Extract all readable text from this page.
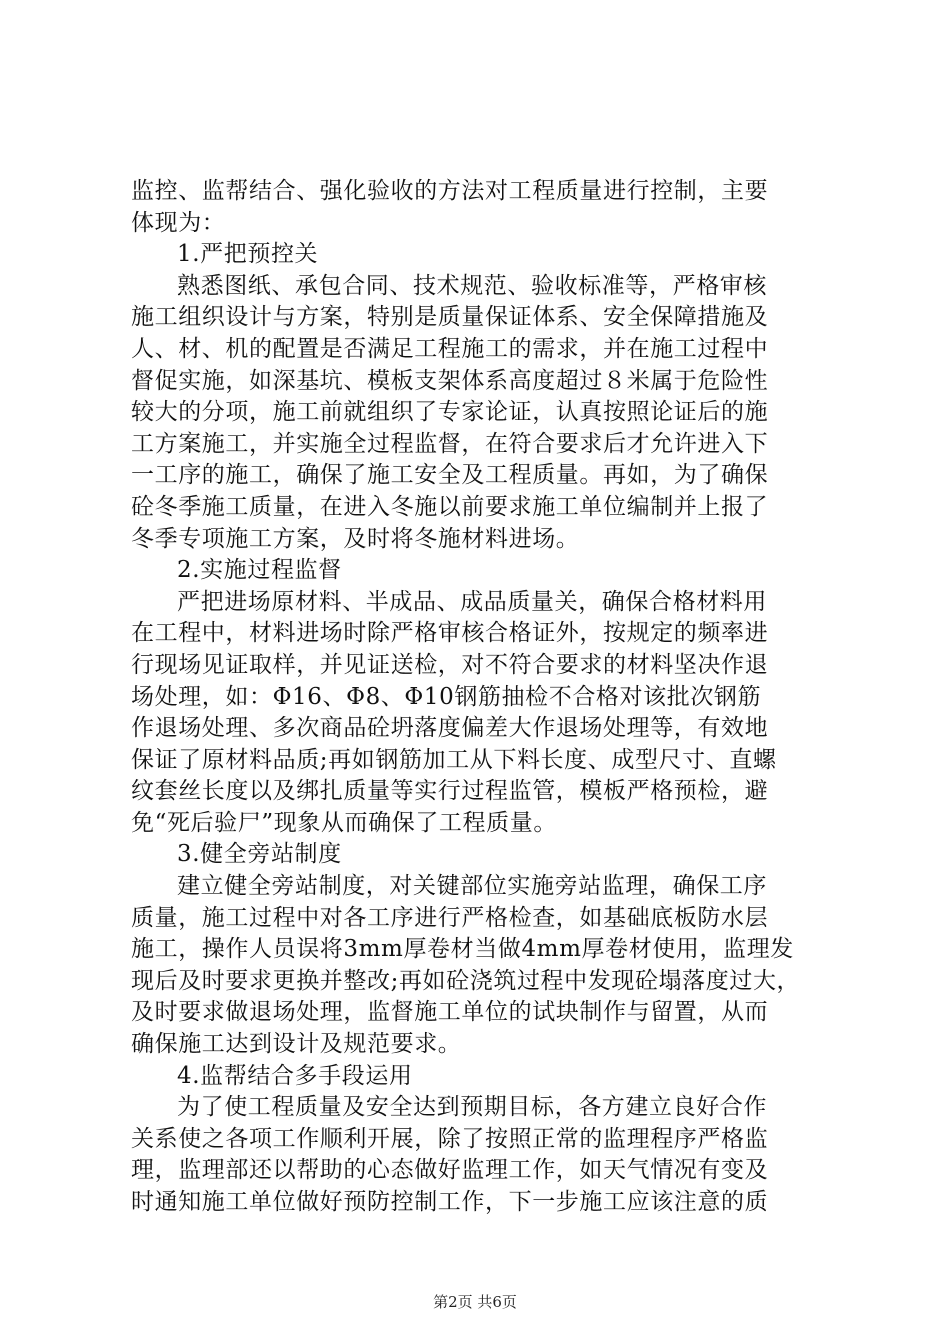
监控、监帮结合、强化验收的方法对工程质量进行控制，主要
体现为：
1.严把预控关
熟悉图纸、承包合同、技术规范、验收标准等，严格审核
施工组织设计与方案，特别是质量保证体系、安全保障措施及
人、材、机的配置是否满足工程施工的需求，并在施工过程中
督促实施，如深基坑、模板支架体系高度超过８米属于危险性
较大的分项，施工前就组织了专家论证，认真按照论证后的施
工方案施工，并实施全过程监督，在符合要求后才允许进入下
一工序的施工，确保了施工安全及工程质量。再如，为了确保
砼冬季施工质量，在进入冬施以前要求施工单位编制并上报了
冬季专项施工方案，及时将冬施材料进场。
2.实施过程监督
严把进场原材料、半成品、成品质量关，确保合格材料用
在工程中，材料进场时除严格审核合格证外，按规定的频率进
行现场见证取样，并见证送检，对不符合要求的材料坚决作退
场处理，如：Φ16、Φ8、Φ10钢筋抽检不合格对该批次钢筋
作退场处理、多次商品砼坍落度偏差大作退场处理等，有效地
保证了原材料品质;再如钢筋加工从下料长度、成型尺寸、直螺
纹套丝长度以及绑扎质量等实行过程监管，模板严格预检，避
免“死后验尸”现象从而确保了工程质量。
3.健全旁站制度
建立健全旁站制度，对关键部位实施旁站监理，确保工序
质量，施工过程中对各工序进行严格检查，如基础底板防水层
施工，操作人员误将3mm厚卷材当做4mm厚卷材使用，监理发
现后及时要求更换并整改;再如砼浇筑过程中发现砼塌落度过大，
及时要求做退场处理，监督施工单位的试块制作与留置，从而
确保施工达到设计及规范要求。
4.监帮结合多手段运用
为了使工程质量及安全达到预期目标，各方建立良好合作
关系使之各项工作顺利开展，除了按照正常的监理程序严格监
理，监理部还以帮助的心态做好监理工作，如天气情况有变及
时通知施工单位做好预防控制工作，下一步施工应该注意的质
第2页 共6页
